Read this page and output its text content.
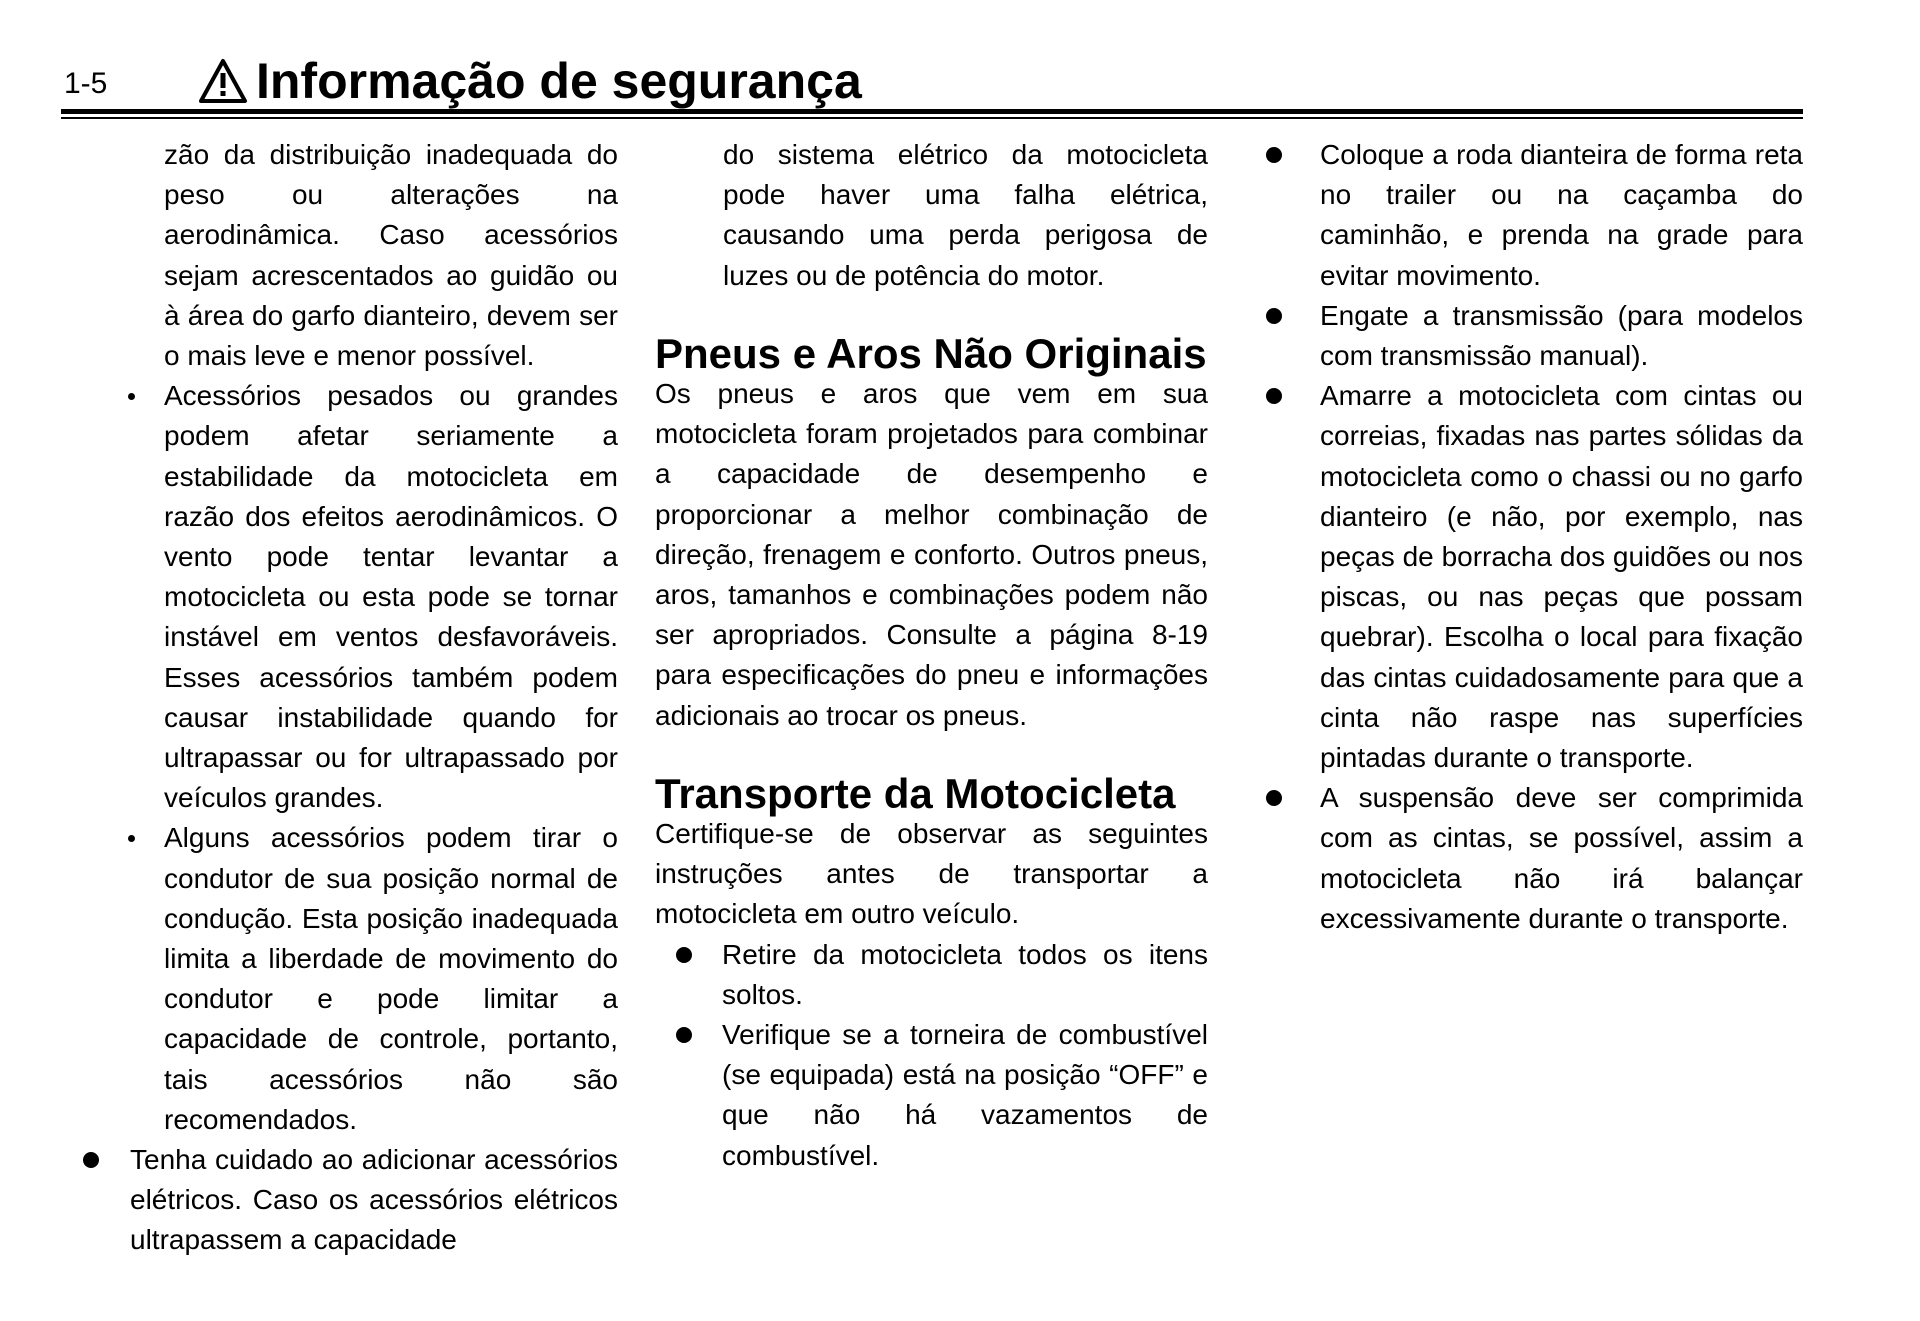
1-5	Informação de segurança

zão da distribuição inadequada do peso ou alterações na aerodinâmica. Caso acessórios sejam acrescentados ao guidão ou à área do garfo dianteiro, devem ser o mais leve e menor possível.

Acessórios pesados ou grandes podem afetar seriamente a estabilidade da motocicleta em razão dos efeitos aerodinâmicos. O vento pode tentar levantar a motocicleta ou esta pode se tornar instável em ventos desfavoráveis. Esses acessórios também podem causar instabilidade quando for ultrapassar ou for ultrapassado por veículos grandes.

Alguns acessórios podem tirar o condutor de sua posição normal de condução. Esta posição inadequada limita a liberdade de movimento do condutor e pode limitar a capacidade de controle, portanto, tais acessórios não são recomendados.

Tenha cuidado ao adicionar acessórios elétricos. Caso os acessórios elétricos ultrapassem a capacidade

do sistema elétrico da motocicleta pode haver uma falha elétrica, causando uma perda perigosa de luzes ou de potência do motor.

Pneus e Aros Não Originais

Os pneus e aros que vem em sua motocicleta foram projetados para combinar a capacidade de desempenho e proporcionar a melhor combinação de direção, frenagem e conforto. Outros pneus, aros, tamanhos e combinações podem não ser apropriados. Consulte a página 8-19 para especificações do pneu e informações adicionais ao trocar os pneus.

Transporte da Motocicleta

Certifique-se de observar as seguintes instruções antes de transportar a motocicleta em outro veículo.

Retire da motocicleta todos os itens soltos.

Verifique se a torneira de combustível (se equipada) está na posição “OFF” e que não há vazamentos de combustível.

Coloque a roda dianteira de forma reta no trailer ou na caçamba do caminhão, e prenda na grade para evitar movimento.

Engate a transmissão (para modelos com transmissão manual).

Amarre a motocicleta com cintas ou correias, fixadas nas partes sólidas da motocicleta como o chassi ou no garfo dianteiro (e não, por exemplo, nas peças de borracha dos guidões ou nos piscas, ou nas peças que possam quebrar). Escolha o local para fixação das cintas cuidadosamente para que a cinta não raspe nas superfícies pintadas durante o transporte.

A suspensão deve ser comprimida com as cintas, se possível, assim a motocicleta não irá balançar excessivamente durante o transporte.
